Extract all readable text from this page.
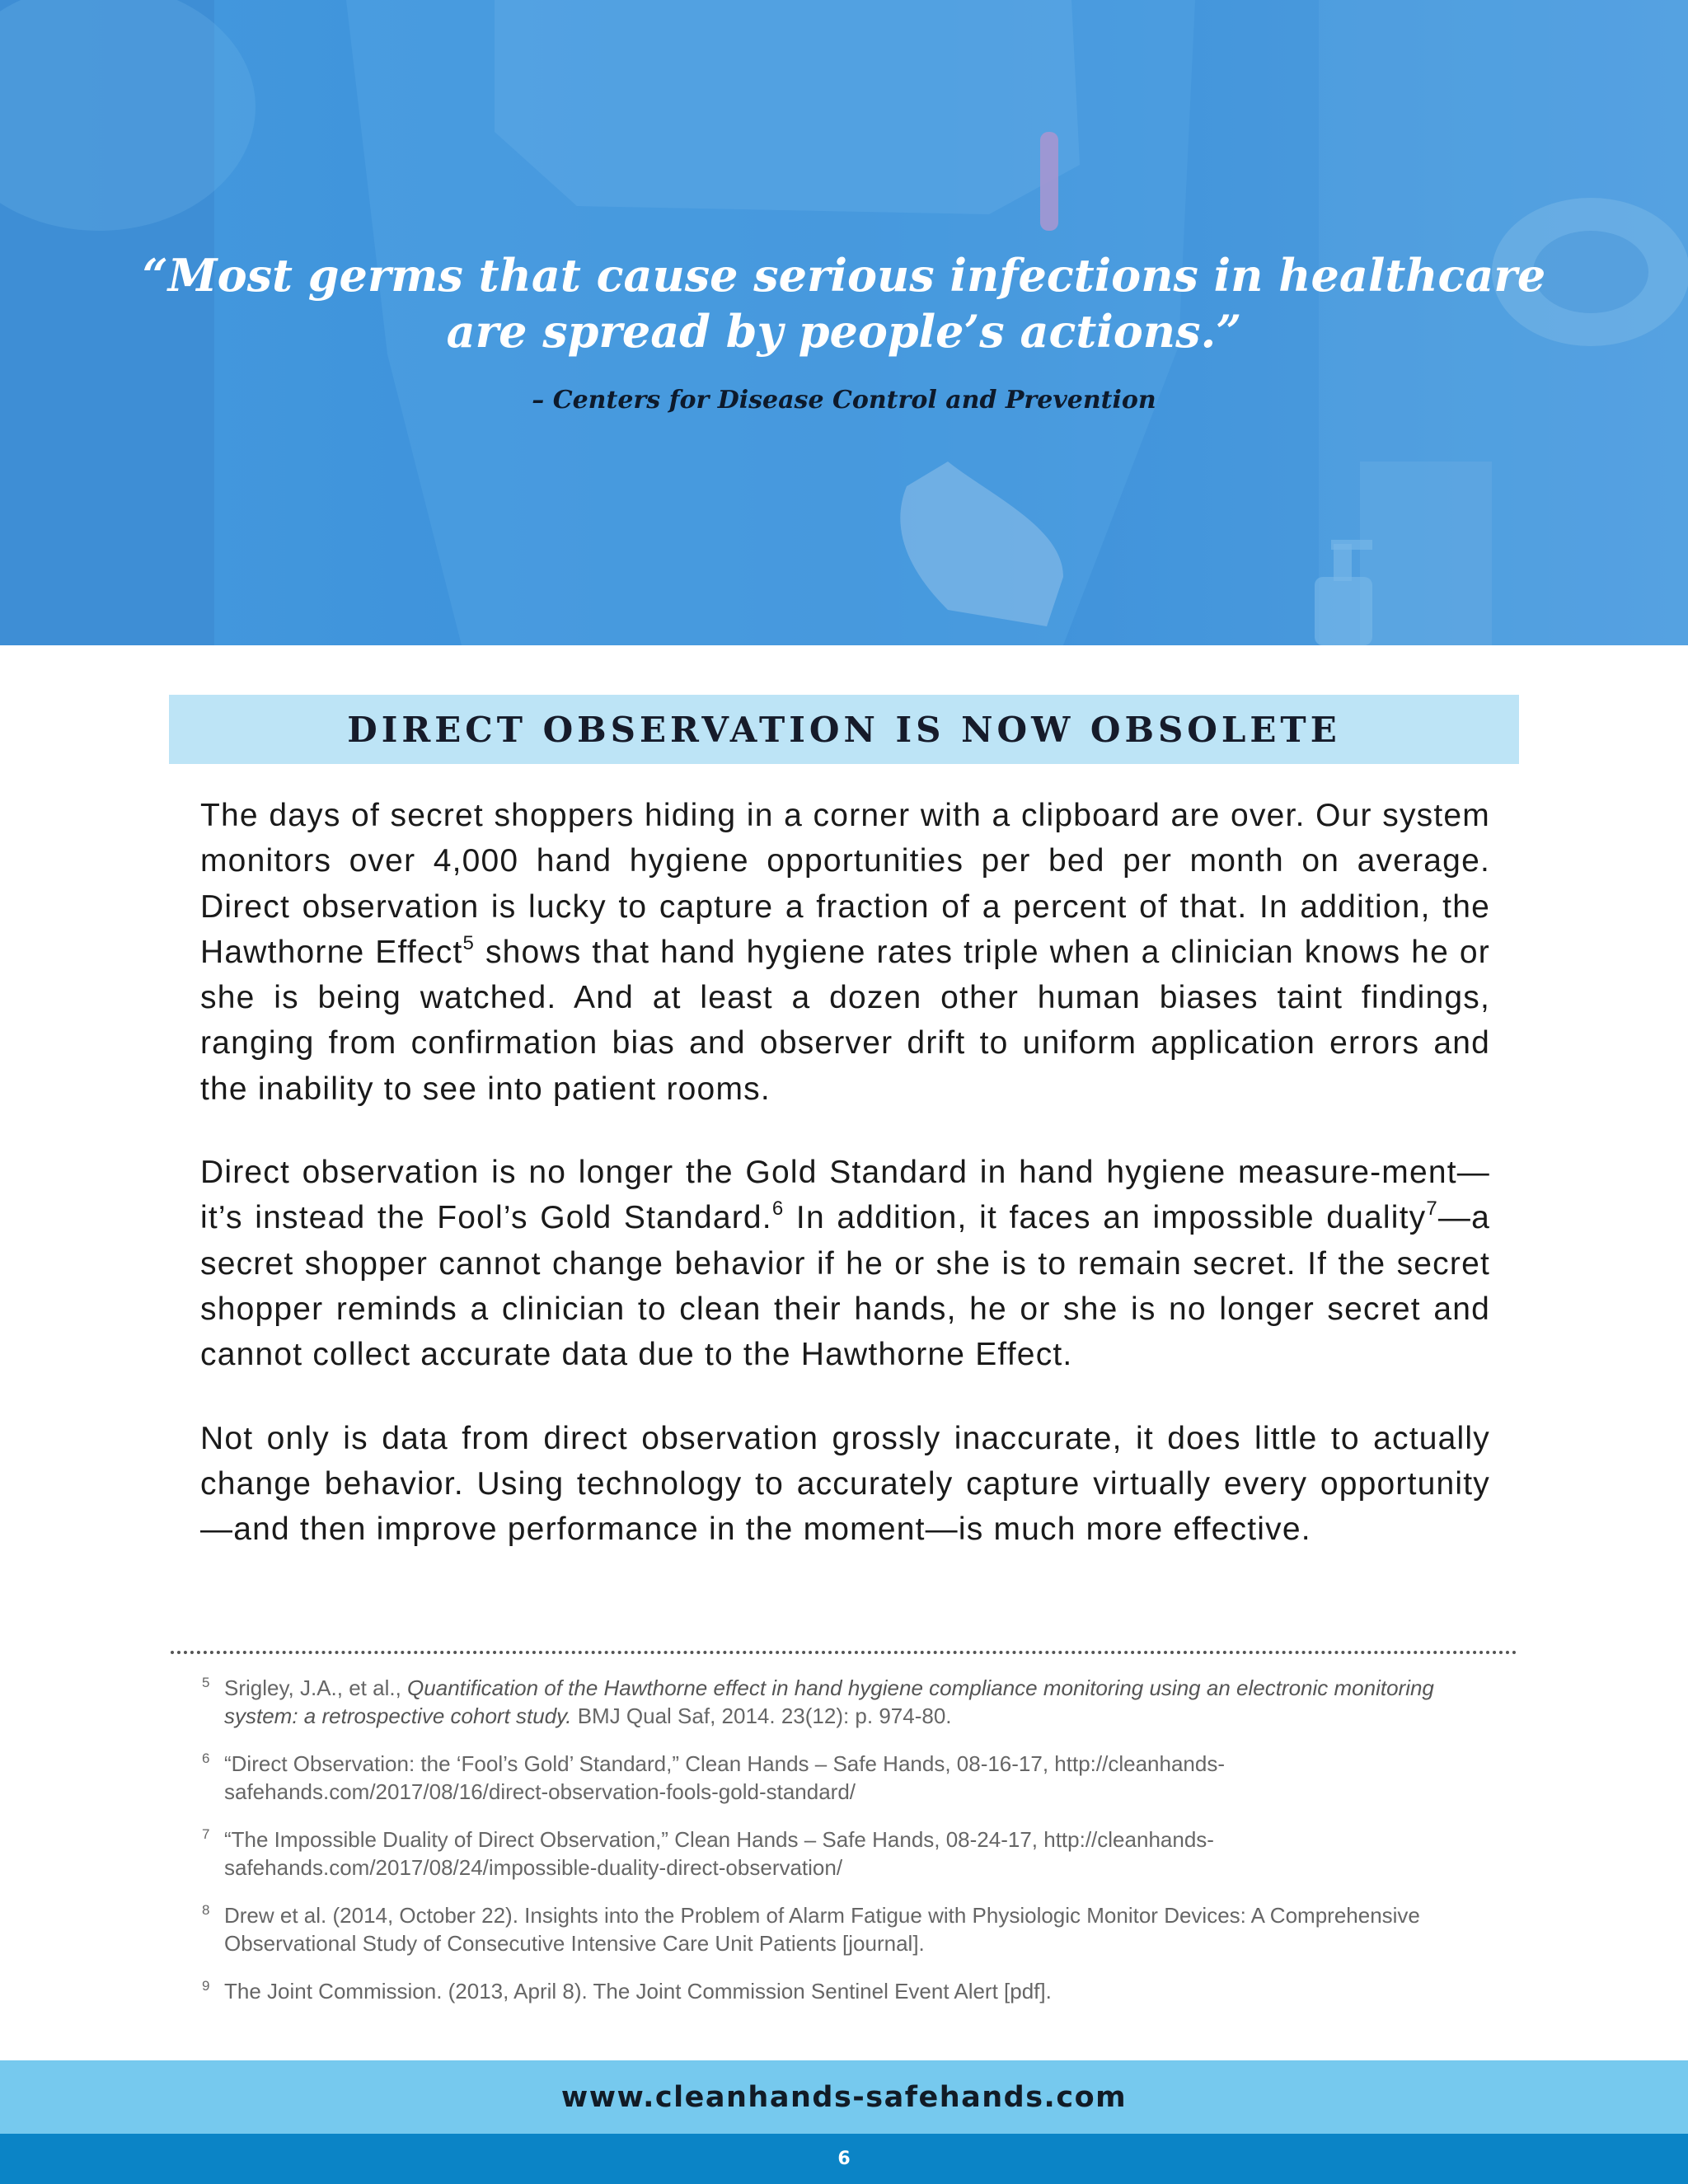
“Most germs that cause serious infections in healthcare
are spread by people’s actions.”
– Centers for Disease Control and Prevention
DIRECT OBSERVATION IS NOW OBSOLETE

The days of secret shoppers hiding in a corner with a clipboard are over. Our system monitors over 4,000 hand hygiene opportunities per bed per month on average. Direct observation is lucky to capture a fraction of a percent of that. In addition, the Hawthorne Effect$^5$ shows that hand hygiene rates triple when a clinician knows he or she is being watched. And at least a dozen other human biases taint findings, ranging from confirmation bias and observer drift to uniform application errors and the inability to see into patient rooms.

Direct observation is no longer the Gold Standard in hand hygiene measure-ment—it’s instead the Fool’s Gold Standard.$^6$ In addition, it faces an impossible duality$^7$—a secret shopper cannot change behavior if he or she is to remain secret. If the secret shopper reminds a clinician to clean their hands, he or she is no longer secret and cannot collect accurate data due to the Hawthorne Effect.

Not only is data from direct observation grossly inaccurate, it does little to actually change behavior. Using technology to accurately capture virtually every opportunity—and then improve performance in the moment—is much more effective.

5 Srigley, J.A., et al., Quantification of the Hawthorne effect in hand hygiene compliance monitoring using an electronic monitoring system: a retrospective cohort study. BMJ Qual Saf, 2014. 23(12): p. 974-80.
6 “Direct Observation: the ‘Fool’s Gold’ Standard,” Clean Hands – Safe Hands, 08-16-17, http://cleanhands-safehands.com/2017/08/16/direct-observation-fools-gold-standard/
7 “The Impossible Duality of Direct Observation,” Clean Hands – Safe Hands, 08-24-17, http://cleanhands-safehands.com/2017/08/24/impossible-duality-direct-observation/
8 Drew et al. (2014, October 22). Insights into the Problem of Alarm Fatigue with Physiologic Monitor Devices: A Comprehensive Observational Study of Consecutive Intensive Care Unit Patients [journal].
9 The Joint Commission. (2013, April 8). The Joint Commission Sentinel Event Alert [pdf].
www.cleanhands-safehands.com
6
